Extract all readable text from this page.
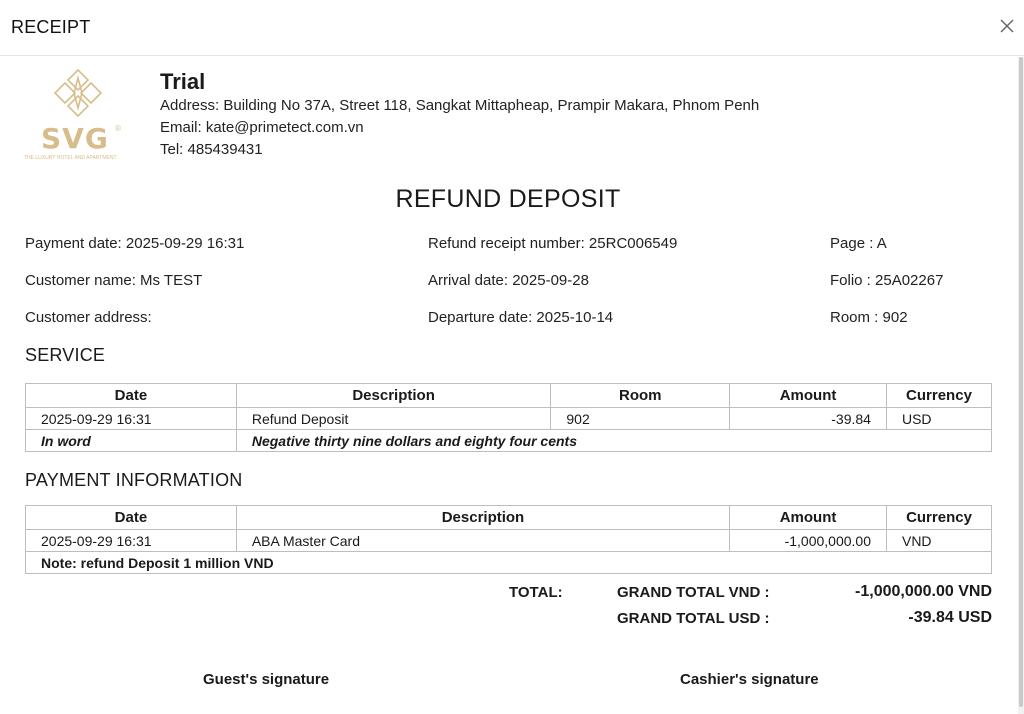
RECEIPT
SVG ®
THE LUXURY HOTEL AND APARTMENT
Trial
Address: Building No 37A, Street 118, Sangkat Mittapheap, Prampir Makara, Phnom Penh
Email: kate@primetect.com.vn
Tel: 485439431
REFUND DEPOSIT
Payment date: 2025-09-29 16:31	Refund receipt number: 25RC006549	Page : A
Customer name: Ms TEST	Arrival date: 2025-09-28	Folio : 25A02267
Customer address:	Departure date: 2025-10-14	Room : 902
SERVICE
Date	Description	Room	Amount	Currency
2025-09-29 16:31	Refund Deposit	902	-39.84	USD
In word	Negative thirty nine dollars and eighty four cents			
PAYMENT INFORMATION
Date	Description	Amount	Currency
2025-09-29 16:31	ABA Master Card	-1,000,000.00	VND
Note: refund Deposit 1 million VND			
TOTAL:	GRAND TOTAL VND :	-1,000,000.00 VND
GRAND TOTAL USD :	-39.84 USD
Guest's signature	Cashier's signature
